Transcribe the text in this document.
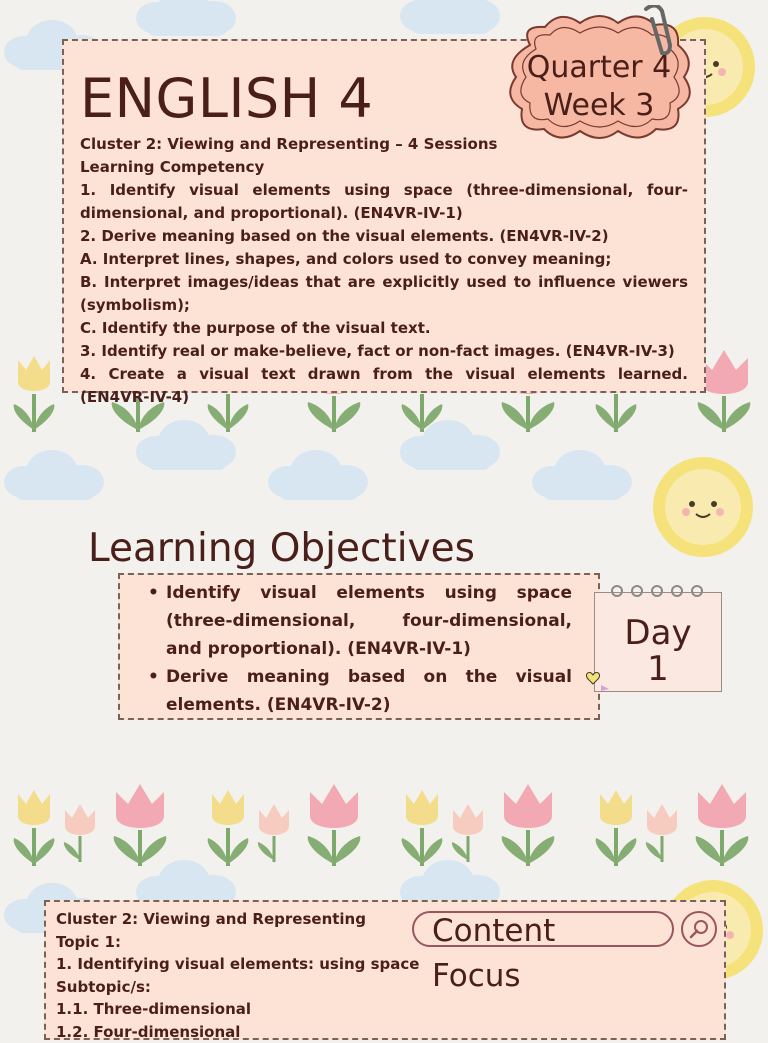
ENGLISH 4
Cluster 2: Viewing and Representing – 4 Sessions
Learning Competency
1. Identify visual elements using space (three-dimensional, four-dimensional, and proportional). (EN4VR-IV-1)
2. Derive meaning based on the visual elements. (EN4VR-IV-2)
A. Interpret lines, shapes, and colors used to convey meaning;
B. Interpret images/ideas that are explicitly used to influence viewers (symbolism);
C. Identify the purpose of the visual text.
3. Identify real or make-believe, fact or non-fact images. (EN4VR-IV-3)
4. Create a visual text drawn from the visual elements learned. (EN4VR-IV-4)
Quarter 4
Week 3
Learning Objectives
• Identify visual elements using space (three-dimensional, four-dimensional, and proportional). (EN4VR-IV-1)
• Derive meaning based on the visual elements. (EN4VR-IV-2)
Day
1
Cluster 2: Viewing and Representing
Topic 1:
1. Identifying visual elements: using space
Subtopic/s:
1.1. Three-dimensional
1.2. Four-dimensional
Content
Focus
